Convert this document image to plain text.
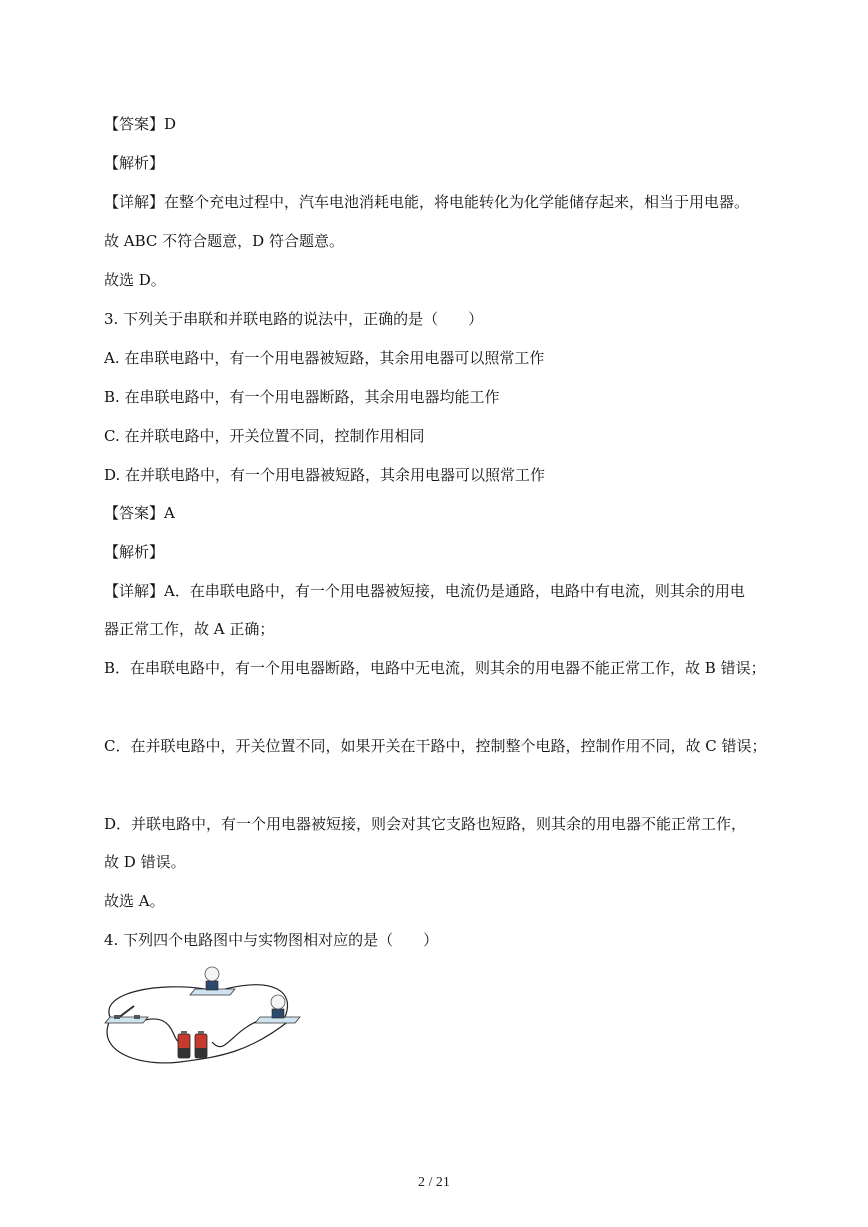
【答案】D
【解析】
【详解】在整个充电过程中，汽车电池消耗电能，将电能转化为化学能储存起来，相当于用电器。
故 ABC 不符合题意，D 符合题意。
故选 D。
3. 下列关于串联和并联电路的说法中，正确的是（　　）
A. 在串联电路中，有一个用电器被短路，其余用电器可以照常工作
B. 在串联电路中，有一个用电器断路，其余用电器均能工作
C. 在并联电路中，开关位置不同，控制作用相同
D. 在并联电路中，有一个用电器被短路，其余用电器可以照常工作
【答案】A
【解析】
【详解】A．在串联电路中，有一个用电器被短接，电流仍是通路，电路中有电流，则其余的用电
器正常工作，故 A 正确；
B．在串联电路中，有一个用电器断路，电路中无电流，则其余的用电器不能正常工作，故 B 错误；
C．在并联电路中，开关位置不同，如果开关在干路中，控制整个电路，控制作用不同，故 C 错误；
D．并联电路中，有一个用电器被短接，则会对其它支路也短路，则其余的用电器不能正常工作，
故 D 错误。
故选 A。
4. 下列四个电路图中与实物图相对应的是（　　）
2 / 21
